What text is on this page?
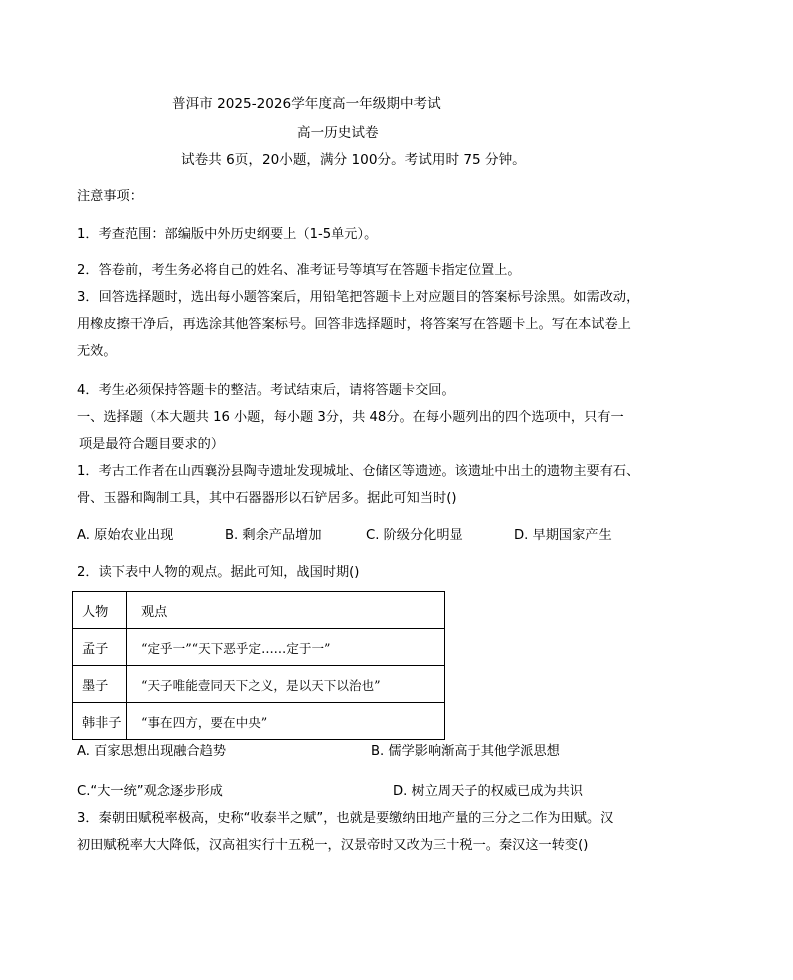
普洱市 2025-2026学年度高一年级期中考试
高一历史试卷
试卷共 6页，20小题，满分 100分。考试用时 75 分钟。
注意事项：
1．考查范围：部编版中外历史纲要上（1-5单元）。
2．答卷前，考生务必将自己的姓名、准考证号等填写在答题卡指定位置上。
3．回答选择题时，选出每小题答案后，用铅笔把答题卡上对应题目的答案标号涂黑。如需改动，
用橡皮擦干净后，再选涂其他答案标号。回答非选择题时，将答案写在答题卡上。写在本试卷上
无效。
4．考生必须保持答题卡的整洁。考试结束后，请将答题卡交回。
一、选择题（本大题共 16 小题，每小题 3分，共 48分。在每小题列出的四个选项中，只有一
项是最符合题目要求的）
1．考古工作者在山西襄汾县陶寺遗址发现城址、仓储区等遗迹。该遗址中出土的遗物主要有石、
骨、玉器和陶制工具，其中石器器形以石铲居多。据此可知当时()
A. 原始农业出现	B. 剩余产品增加	C. 阶级分化明显	D. 早期国家产生
2．读下表中人物的观点。据此可知，战国时期()
人物	观点
孟子	“定乎一”“天下恶乎定……定于一”
墨子	“天子唯能壹同天下之义，是以天下以治也”
韩非子	“事在四方，要在中央”
A. 百家思想出现融合趋势	B. 儒学影响渐高于其他学派思想
C.“大一统”观念逐步形成	D. 树立周天子的权威已成为共识
3．秦朝田赋税率极高，史称“收泰半之赋”，也就是要缴纳田地产量的三分之二作为田赋。汉
初田赋税率大大降低，汉高祖实行十五税一，汉景帝时又改为三十税一。秦汉这一转变()
